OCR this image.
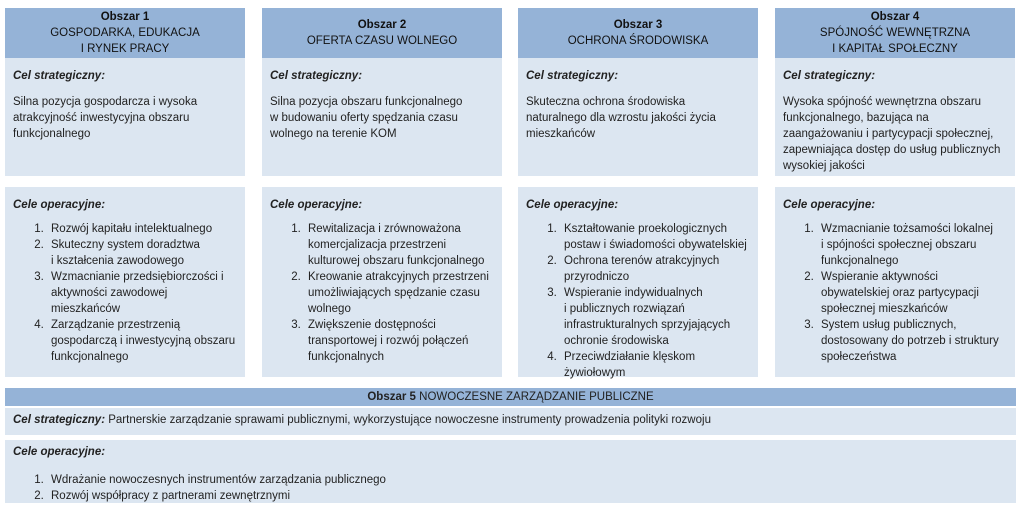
Obszar 1
GOSPODARKA, EDUKACJA
I RYNEK PRACY
Cel strategiczny:
Silna pozycja gospodarcza i wysoka
atrakcyjność inwestycyjna obszaru
funkcjonalnego
Cele operacyjne:
1. Rozwój kapitału intelektualnego
2. Skuteczny system doradztwa
i kształcenia zawodowego
3. Wzmacnianie przedsiębiorczości i
aktywności zawodowej
mieszkańców
4. Zarządzanie przestrzenią
gospodarczą i inwestycyjną obszaru
funkcjonalnego
Obszar 2
OFERTA CZASU WOLNEGO
Cel strategiczny:
Silna pozycja obszaru funkcjonalnego
w budowaniu oferty spędzania czasu
wolnego na terenie KOM
Cele operacyjne:
1. Rewitalizacja i zrównoważona
komercjalizacja przestrzeni
kulturowej obszaru funkcjonalnego
2. Kreowanie atrakcyjnych przestrzeni
umożliwiających spędzanie czasu
wolnego
3. Zwiększenie dostępności
transportowej i rozwój połączeń
funkcjonalnych
Obszar 3
OCHRONA ŚRODOWISKA
Cel strategiczny:
Skuteczna ochrona środowiska
naturalnego dla wzrostu jakości życia
mieszkańców
Cele operacyjne:
1. Kształtowanie proekologicznych
postaw i świadomości obywatelskiej
2. Ochrona terenów atrakcyjnych
przyrodniczo
3. Wspieranie indywidualnych
i publicznych rozwiązań
infrastrukturalnych sprzyjających
ochronie środowiska
4. Przeciwdziałanie klęskom
żywiołowym
Obszar 4
SPÓJNOŚĆ WEWNĘTRZNA
I KAPITAŁ SPOŁECZNY
Cel strategiczny:
Wysoka spójność wewnętrzna obszaru
funkcjonalnego, bazująca na
zaangażowaniu i partycypacji społecznej,
zapewniająca dostęp do usług publicznych
wysokiej jakości
Cele operacyjne:
1. Wzmacnianie tożsamości lokalnej
i spójności społecznej obszaru
funkcjonalnego
2. Wspieranie aktywności
obywatelskiej oraz partycypacji
społecznej mieszkańców
3. System usług publicznych,
dostosowany do potrzeb i struktury
społeczeństwa
Obszar 5 NOWOCZESNE ZARZĄDZANIE PUBLICZNE
Cel strategiczny: Partnerskie zarządzanie sprawami publicznymi, wykorzystujące nowoczesne instrumenty prowadzenia polityki rozwoju
Cele operacyjne:
1. Wdrażanie nowoczesnych instrumentów zarządzania publicznego
2. Rozwój współpracy z partnerami zewnętrznymi
